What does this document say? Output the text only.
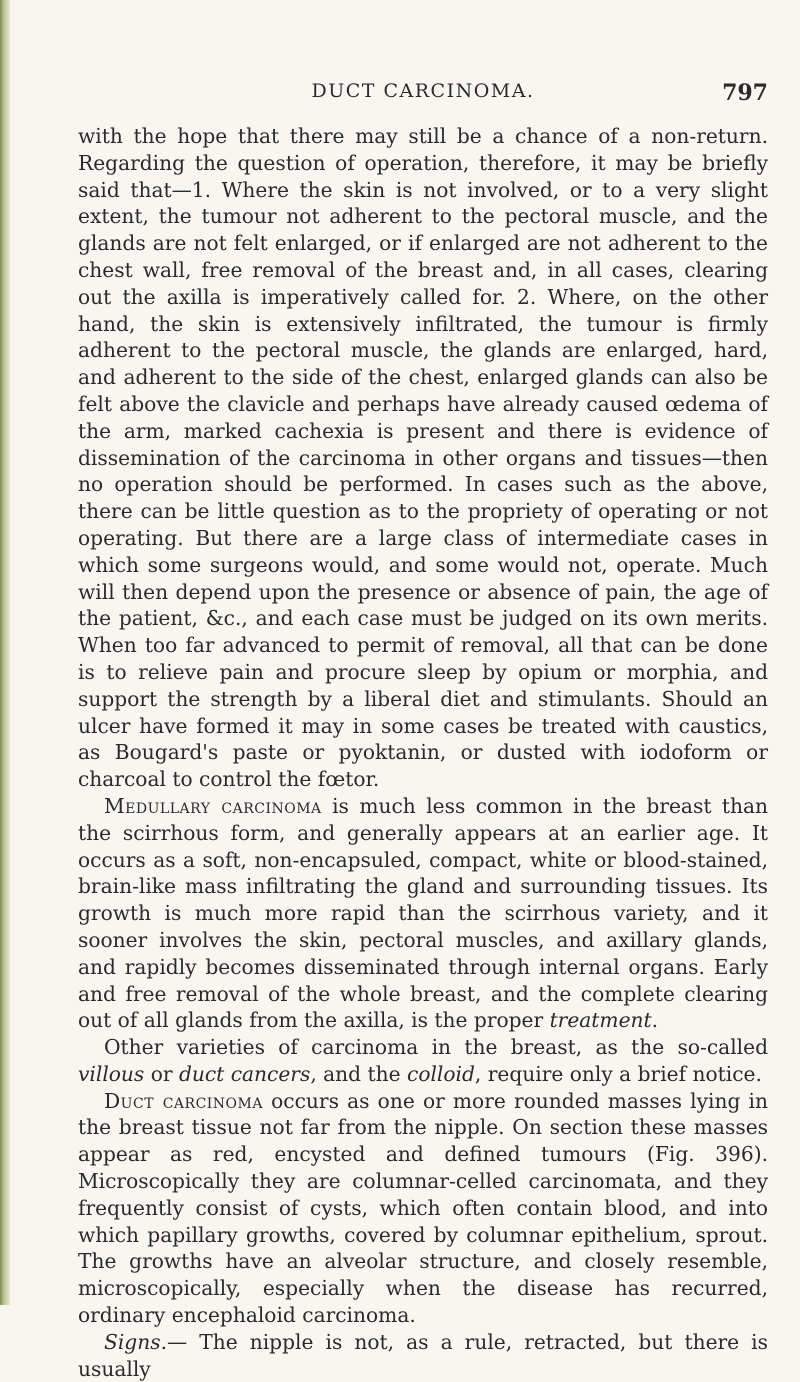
DUCT CARCINOMA.	797

with the hope that there may still be a chance of a non-return. Regarding the question of operation, therefore, it may be briefly said that—1. Where the skin is not involved, or to a very slight extent, the tumour not adherent to the pectoral muscle, and the glands are not felt enlarged, or if enlarged are not adherent to the chest wall, free removal of the breast and, in all cases, clearing out the axilla is imperatively called for. 2. Where, on the other hand, the skin is extensively infiltrated, the tumour is firmly adherent to the pectoral muscle, the glands are enlarged, hard, and adherent to the side of the chest, enlarged glands can also be felt above the clavicle and perhaps have already caused œdema of the arm, marked cachexia is present and there is evidence of dissemination of the carcinoma in other organs and tissues—then no operation should be performed. In cases such as the above, there can be little question as to the propriety of operating or not operating. But there are a large class of intermediate cases in which some surgeons would, and some would not, operate. Much will then depend upon the presence or absence of pain, the age of the patient, &c., and each case must be judged on its own merits. When too far advanced to permit of removal, all that can be done is to relieve pain and procure sleep by opium or morphia, and support the strength by a liberal diet and stimulants. Should an ulcer have formed it may in some cases be treated with caustics, as Bougard's paste or pyoktanin, or dusted with iodoform or charcoal to control the fœtor.

Medullary carcinoma is much less common in the breast than the scirrhous form, and generally appears at an earlier age. It occurs as a soft, non-encapsuled, compact, white or blood-stained, brain-like mass infiltrating the gland and surrounding tissues. Its growth is much more rapid than the scirrhous variety, and it sooner involves the skin, pectoral muscles, and axillary glands, and rapidly becomes disseminated through internal organs. Early and free removal of the whole breast, and the complete clearing out of all glands from the axilla, is the proper treatment.

Other varieties of carcinoma in the breast, as the so-called villous or duct cancers, and the colloid, require only a brief notice.

Duct carcinoma occurs as one or more rounded masses lying in the breast tissue not far from the nipple. On section these masses appear as red, encysted and defined tumours (Fig. 396). Microscopically they are columnar-celled carcinomata, and they frequently consist of cysts, which often contain blood, and into which papillary growths, covered by columnar epithelium, sprout. The growths have an alveolar structure, and closely resemble, microscopically, especially when the disease has recurred, ordinary encephaloid carcinoma.

Signs.— The nipple is not, as a rule, retracted, but there is usually
